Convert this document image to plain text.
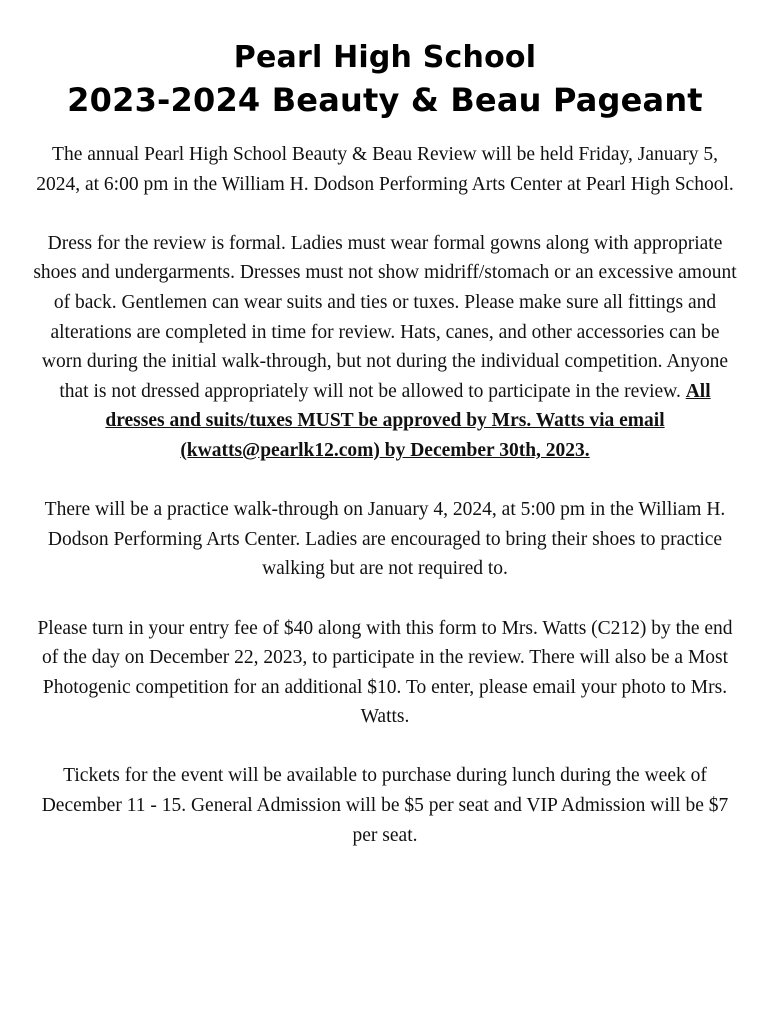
Pearl High School
2023-2024 Beauty & Beau Pageant

The annual Pearl High School Beauty & Beau Review will be held Friday, January 5, 2024, at 6:00 pm in the William H. Dodson Performing Arts Center at Pearl High School.

Dress for the review is formal. Ladies must wear formal gowns along with appropriate shoes and undergarments. Dresses must not show midriff/stomach or an excessive amount of back. Gentlemen can wear suits and ties or tuxes. Please make sure all fittings and alterations are completed in time for review. Hats, canes, and other accessories can be worn during the initial walk-through, but not during the individual competition. Anyone that is not dressed appropriately will not be allowed to participate in the review. All dresses and suits/tuxes MUST be approved by Mrs. Watts via email (kwatts@pearlk12.com) by December 30th, 2023.

There will be a practice walk-through on January 4, 2024, at 5:00 pm in the William H. Dodson Performing Arts Center. Ladies are encouraged to bring their shoes to practice walking but are not required to.

Please turn in your entry fee of $40 along with this form to Mrs. Watts (C212) by the end of the day on December 22, 2023, to participate in the review. There will also be a Most Photogenic competition for an additional $10. To enter, please email your photo to Mrs. Watts.

Tickets for the event will be available to purchase during lunch during the week of December 11 - 15. General Admission will be $5 per seat and VIP Admission will be $7 per seat.
